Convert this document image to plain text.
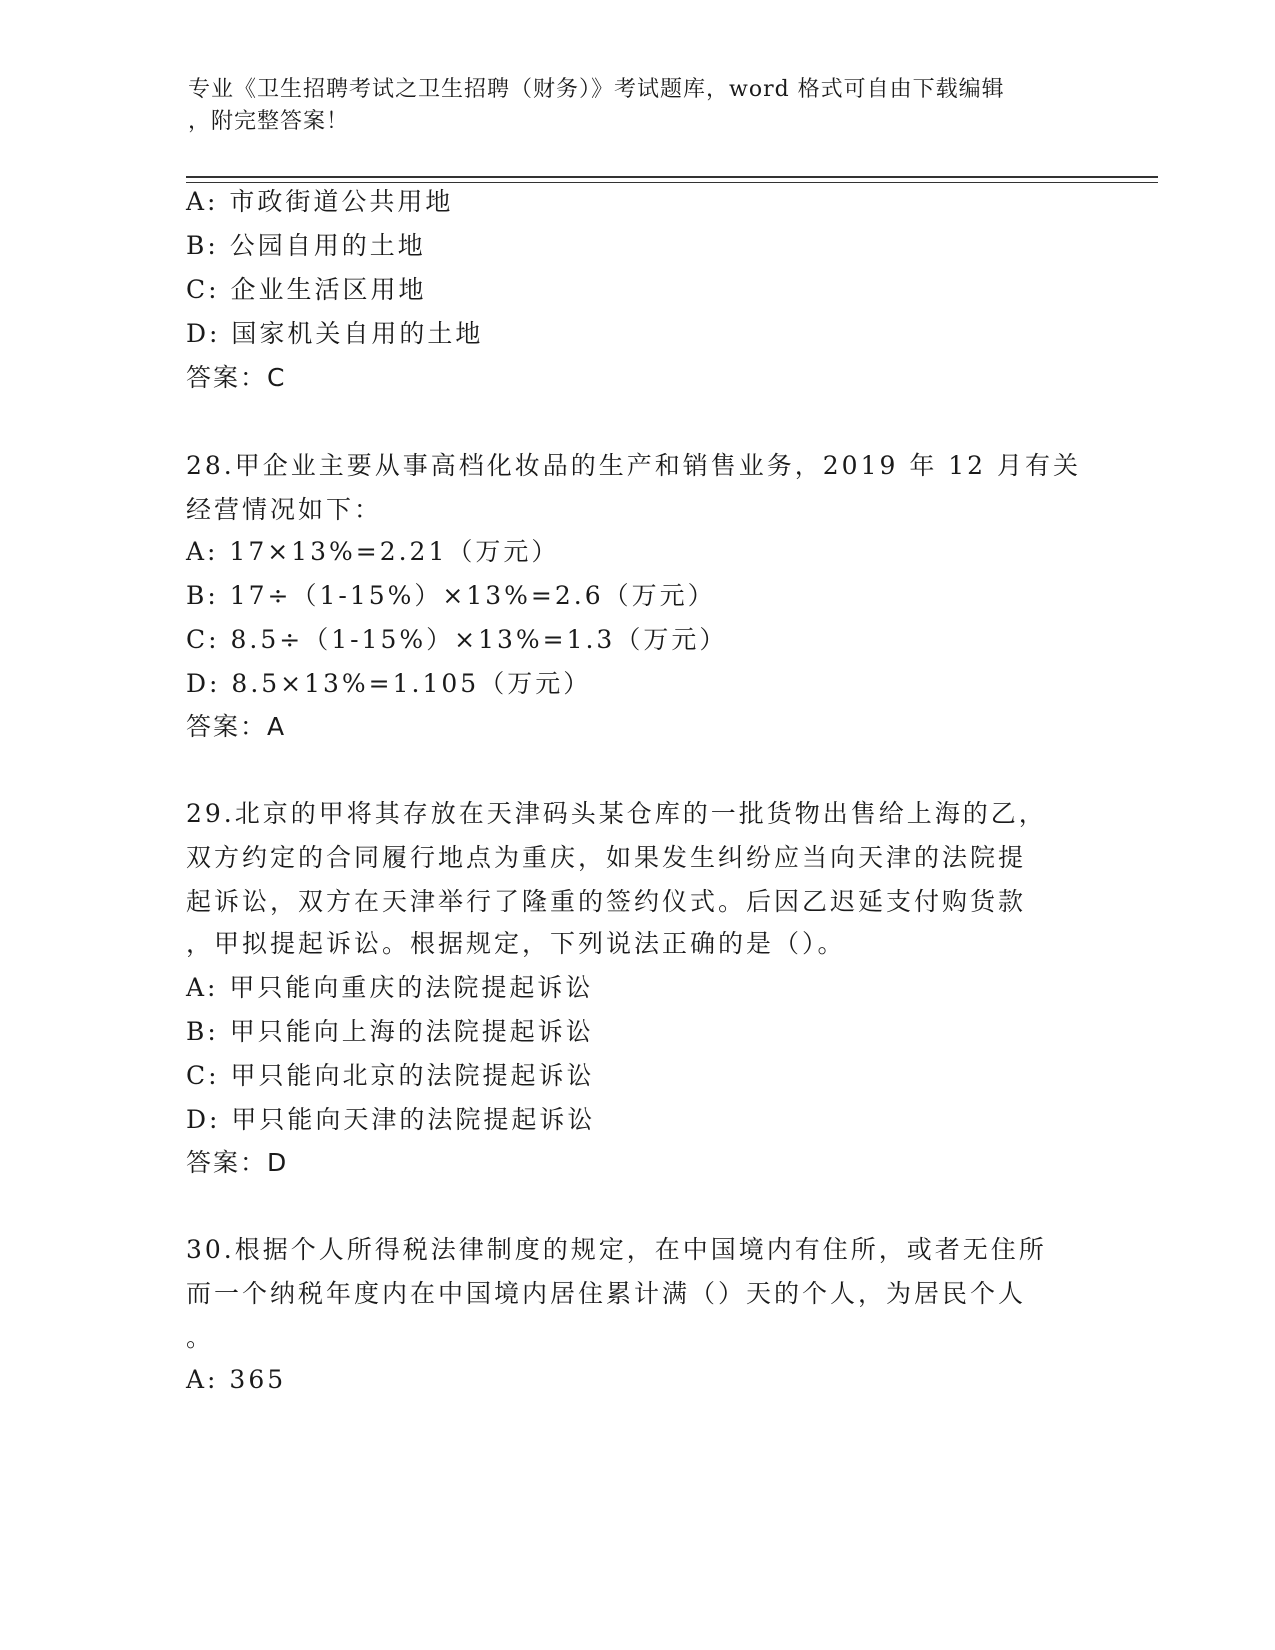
专业《卫生招聘考试之卫生招聘（财务）》考试题库，word 格式可自由下载编辑
，附完整答案！
A: 市政街道公共用地
B: 公园自用的土地
C: 企业生活区用地
D: 国家机关自用的土地
答案：C
28.甲企业主要从事高档化妆品的生产和销售业务，2019 年 12 月有关
经营情况如下：
A: 17×13%=2.21（万元）
B: 17÷（1-15%）×13%=2.6（万元）
C: 8.5÷（1-15%）×13%=1.3（万元）
D: 8.5×13%=1.105（万元）
答案：A
29.北京的甲将其存放在天津码头某仓库的一批货物出售给上海的乙，
双方约定的合同履行地点为重庆，如果发生纠纷应当向天津的法院提
起诉讼，双方在天津举行了隆重的签约仪式。后因乙迟延支付购货款
，甲拟提起诉讼。根据规定，下列说法正确的是（）。
A: 甲只能向重庆的法院提起诉讼
B: 甲只能向上海的法院提起诉讼
C: 甲只能向北京的法院提起诉讼
D: 甲只能向天津的法院提起诉讼
答案：D
30.根据个人所得税法律制度的规定，在中国境内有住所，或者无住所
而一个纳税年度内在中国境内居住累计满（）天的个人，为居民个人
。
A: 365
